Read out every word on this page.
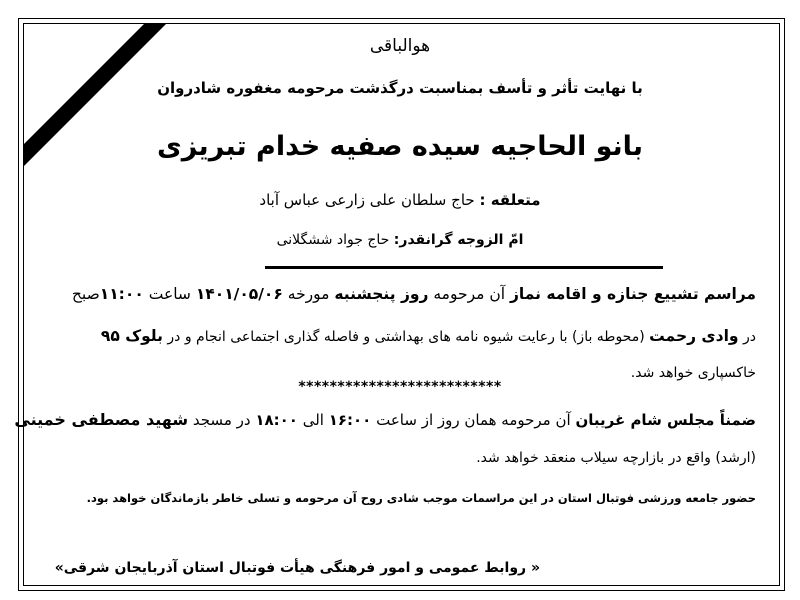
هوالباقی
با نهایت تأثر و تأسف بمناسبت درگذشت مرحومه مغفوره شادروان
بانو الحاجیه سیده صفیه خدام تبریزی
متعلقه : حاج سلطان علی زارعی عباس آباد
امّ الزوجه گرانقدر: حاج جواد ششگلانی
مراسم تشییع جنازه و اقامه نماز آن مرحومه روز پنجشنبه مورخه ۱۴۰۱/۰۵/۰۶ ساعت ۱۱:۰۰صبح
در وادی رحمت (محوطه باز) با رعایت شیوه نامه های بهداشتی و فاصله گذاری اجتماعی انجام و در بلوک ۹۵
خاکسپاری خواهد شد.
**************************
ضمناً مجلس شام غریبان آن مرحومه همان روز از ساعت ۱۶:۰۰ الی ۱۸:۰۰ در مسجد شهید مصطفی خمینی
(ارشد) واقع در بازارچه سیلاب منعقد خواهد شد.
حضور جامعه ورزشی فوتبال استان در این مراسمات موجب شادی روح آن مرحومه و تسلی خاطر بازماندگان خواهد بود.
« روابط عمومی و امور فرهنگی هیأت فوتبال استان آذربایجان شرقی»
